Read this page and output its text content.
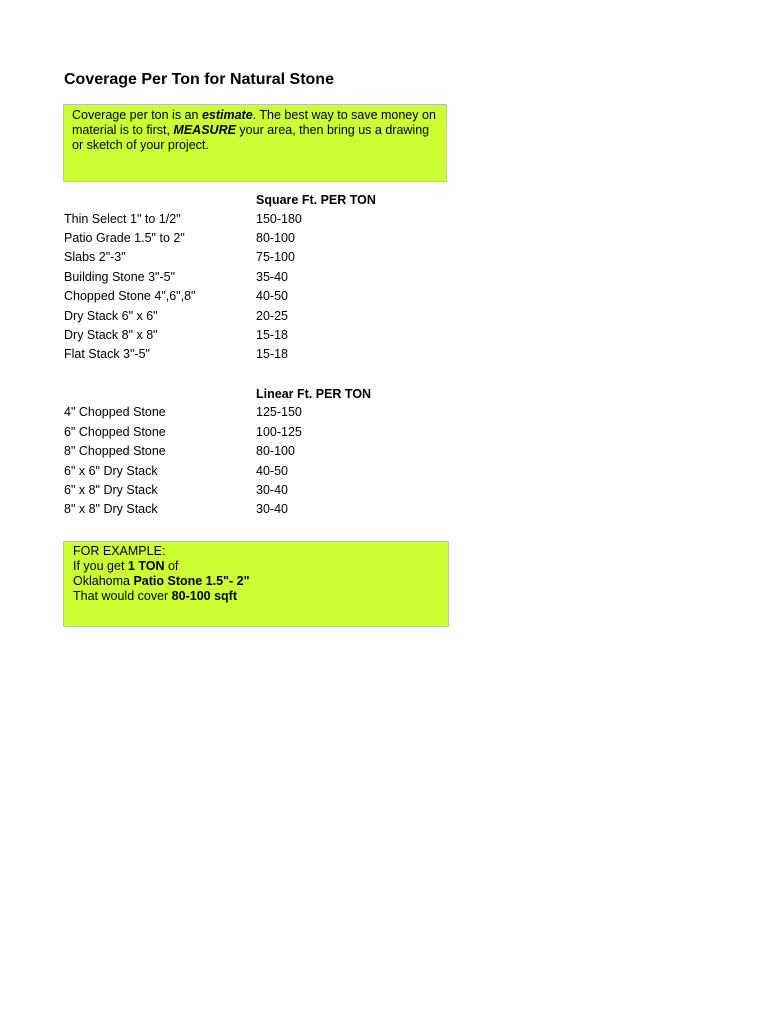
Coverage Per Ton for Natural Stone
Coverage per ton is an estimate. The best way to save money on material is to first, MEASURE your area, then bring us a drawing or sketch of your project.
Square Ft. PER TON
Thin Select 1" to 1/2"	150-180
Patio Grade 1.5" to 2"	80-100
Slabs 2"-3"	75-100
Building Stone 3"-5"	35-40
Chopped Stone 4",6",8"	40-50
Dry Stack 6" x 6"	20-25
Dry Stack 8" x 8"	15-18
Flat Stack 3"-5"	15-18
Linear Ft. PER TON
4" Chopped Stone	125-150
6" Chopped Stone	100-125
8" Chopped Stone	80-100
6" x 6" Dry Stack	40-50
6" x 8" Dry Stack	30-40
8" x 8" Dry Stack	30-40
FOR EXAMPLE:
If you get 1 TON of
Oklahoma Patio Stone 1.5"- 2"
That would cover 80-100 sqft
